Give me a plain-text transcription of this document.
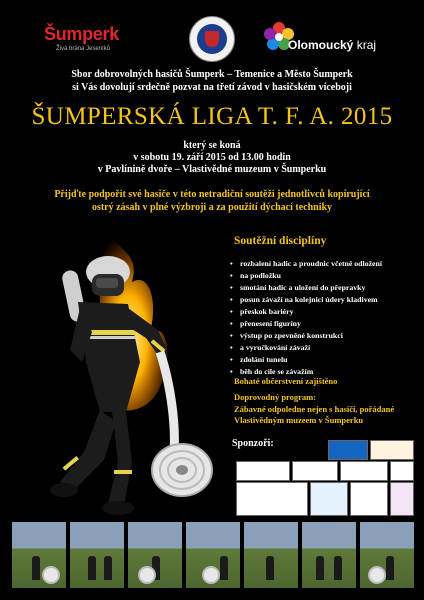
Šumperk
Živá brána Jeseníků	Olomoucký kraj
Sbor dobrovolných hasičů Šumperk – Temenice a Město Šumperk
si Vás dovolují srdečně pozvat na třetí závod v hasičském víceboji
ŠUMPERSKÁ LIGA T. F. A. 2015
který se koná
v sobotu 19. září 2015 od 13.00 hodin
v Pavlíninĕ dvoře – Vlastivědné muzeum v Šumperku
Přijďte podpořit své hasiče v této netradiční soutěži jednotlivců kopírující
ostrý zásah v plné výzbroji a za použití dýchací techniky
Soutěžní disciplíny
• rozbalení hadic a proudnic včetně odložení
• na podložku
• smotání hadic a uložení do přepravky
• posun závaží na kolejnici údery kladivem
• přeskok bariéry
• přenesení figuríny
• výstup po zpevněné konstrukci
• a vyručkování závaží
• zdolání tunelu
• běh do cíle se závažím
Bohaté občerstvení zajištěno
Doprovodný program:
Zábavné odpoledne nejen s hasiči, pořádané
Vlastivědným muzeem v Šumperku
Sponzoři:
